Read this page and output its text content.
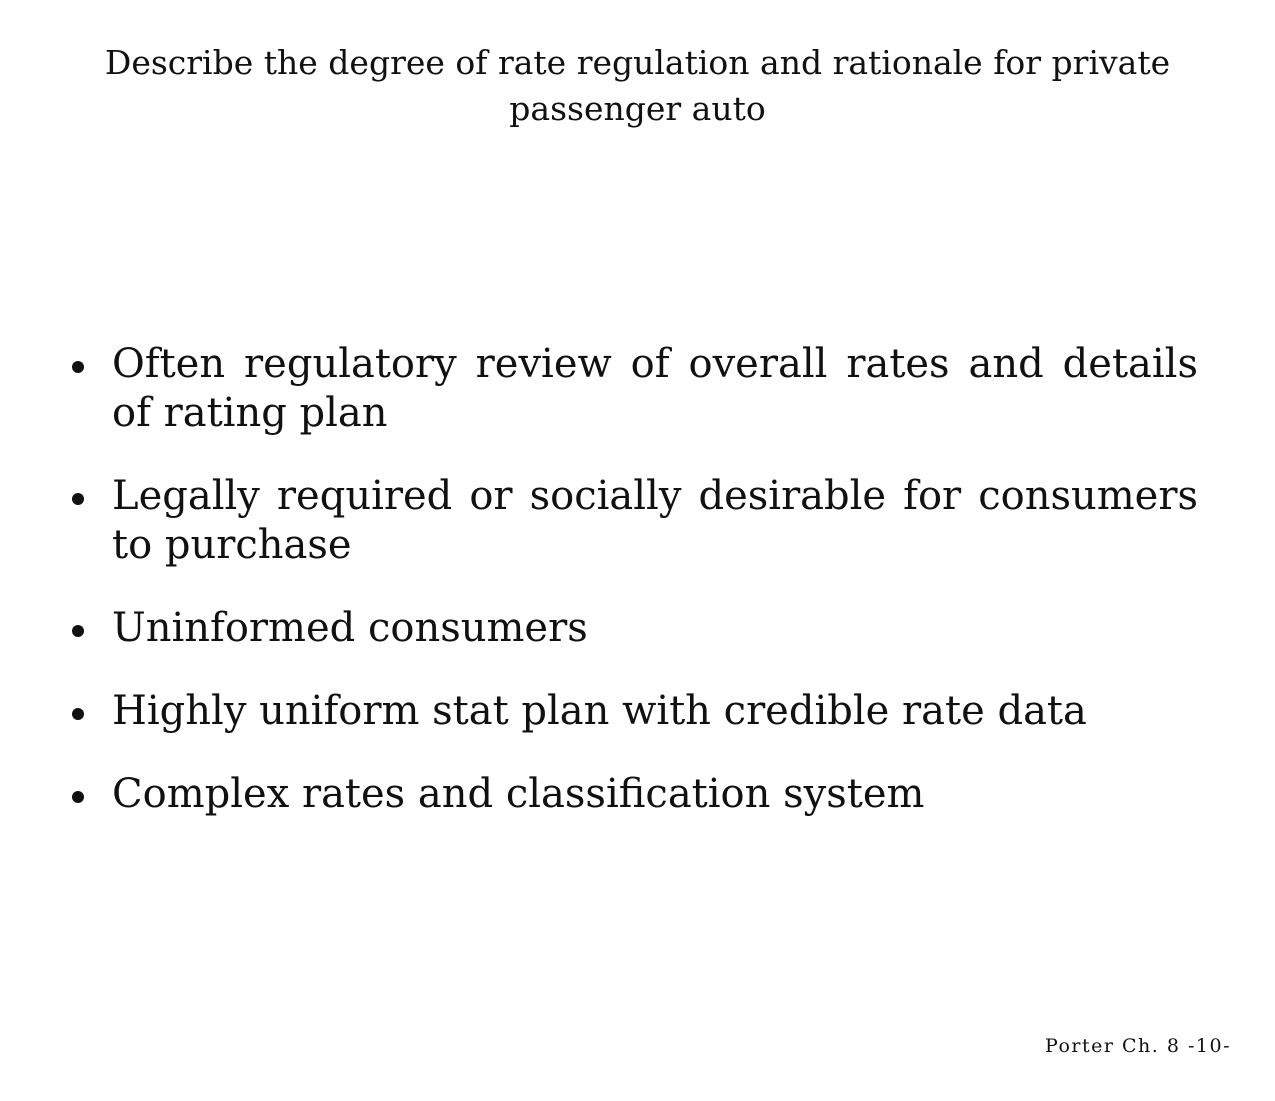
Describe the degree of rate regulation and rationale for private passenger auto
Often regulatory review of overall rates and details of rating plan
Legally required or socially desirable for consumers to purchase
Uninformed consumers
Highly uniform stat plan with credible rate data
Complex rates and classification system
Porter Ch. 8 -10-
